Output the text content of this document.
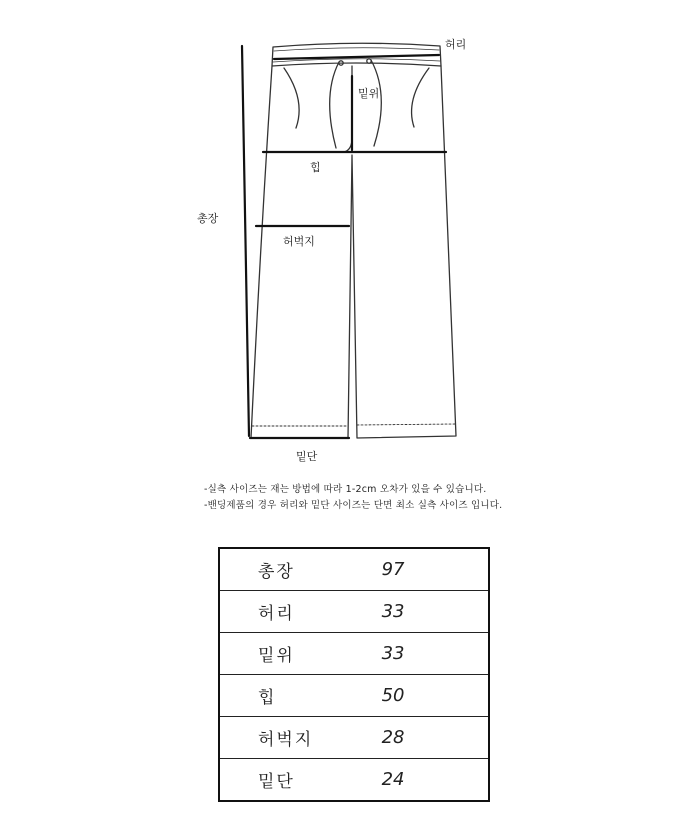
허리
밑위
힙
총장
허벅지
밑단
-실측 사이즈는 재는 방법에 따라 1-2cm 오차가 있을 수 있습니다.
-밴딩제품의 경우 허리와 밑단 사이즈는 단면 최소 실측 사이즈 입니다.
총장	97
허리	33
밑위	33
힙	50
허벅지	28
밑단	24
